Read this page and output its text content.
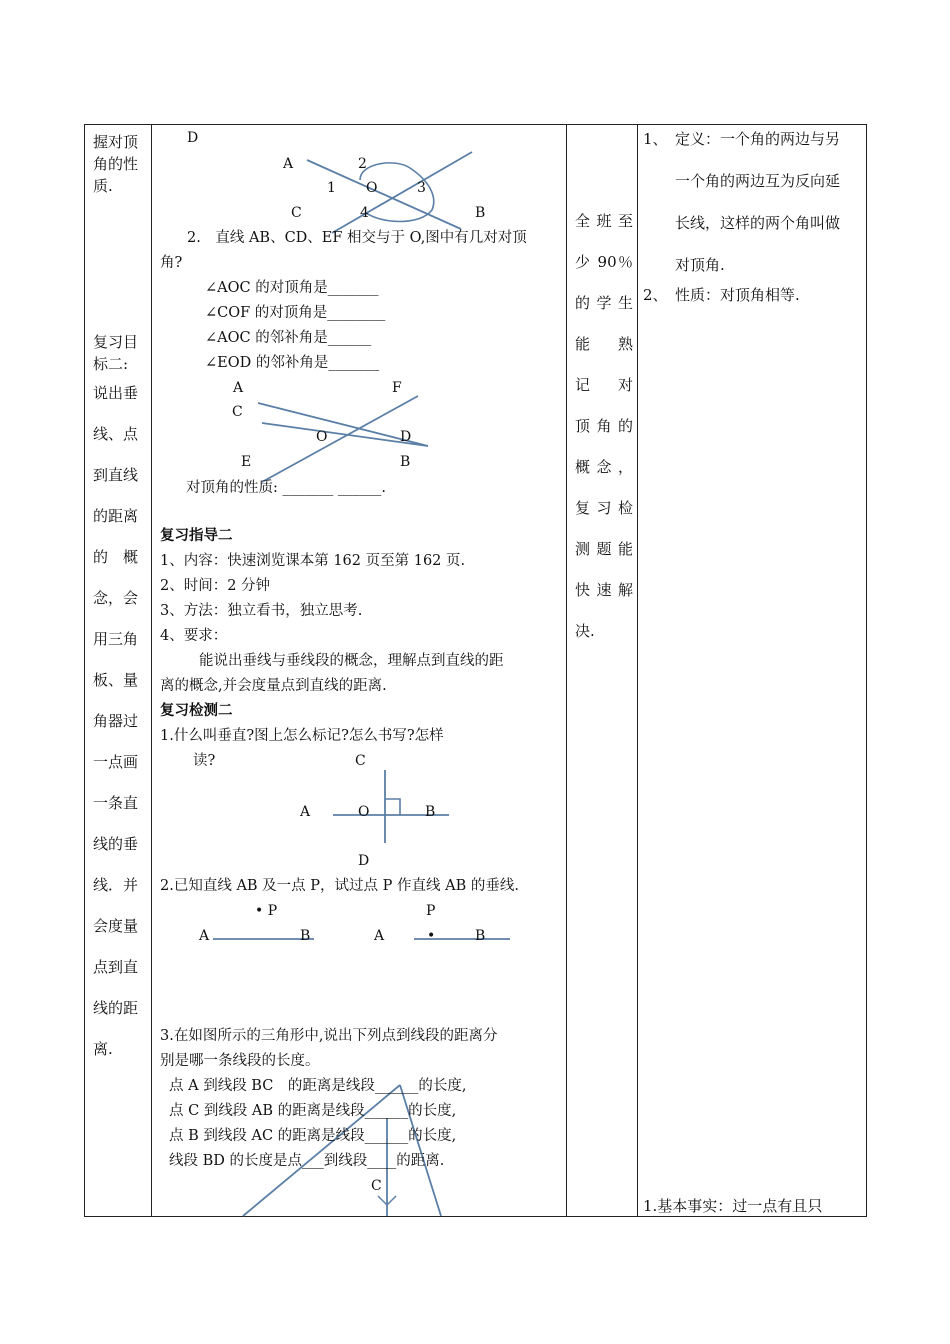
握对顶
角的性
质.
复习目
标二:
说出垂
线、点
到直线
的距离
的　概
念，会
用三角
板、量
角器过
一点画
一条直
线的垂
线．并
会度量
点到直
线的距
离.
全班至
少 90％
的学生
能　熟
记　对
顶角的
概念，
复习检
测题能
快速解
决.
1、　定义：一个角的两边与另
一个角的两边互为反向延
长线，这样的两个角叫做
对顶角.
2、　性质：对顶角相等.
1.基本事实：过一点有且只
D
A	2
1 O	3
C	4	B
2.　直线 AB、CD、EF 相交与于 O,图中有几对对顶
角?
∠AOC 的对顶角是_______
∠COF 的对顶角是________
∠AOC 的邻补角是______
∠EOD 的邻补角是_______
A	F
C
O	D
E	B
对顶角的性质: _______ ______.
复习指导二
1、内容：快速浏览课本第 162 页至第 162 页.
2、时间：2 分钟
3、方法：独立看书，独立思考.
4、要求：
能说出垂线与垂线段的概念，理解点到直线的距
离的概念,并会度量点到直线的距离.
复习检测二
1.什么叫垂直?图上怎么标记?怎么书写?怎样
读?	C
A	O	B
D
2.已知直线 AB 及一点 P，试过点 P 作直线 AB 的垂线.
• P	P
A	B	A	•	B
3.在如图所示的三角形中,说出下列点到线段的距离分
别是哪一条线段的长度。
点 A 到线段 BC　的距离是线段______的长度,
点 C 到线段 AB 的距离是线段______的长度,
点 B 到线段 AC 的距离是线段______的长度,
线段 BD 的长度是点___到线段____的距离.
C
